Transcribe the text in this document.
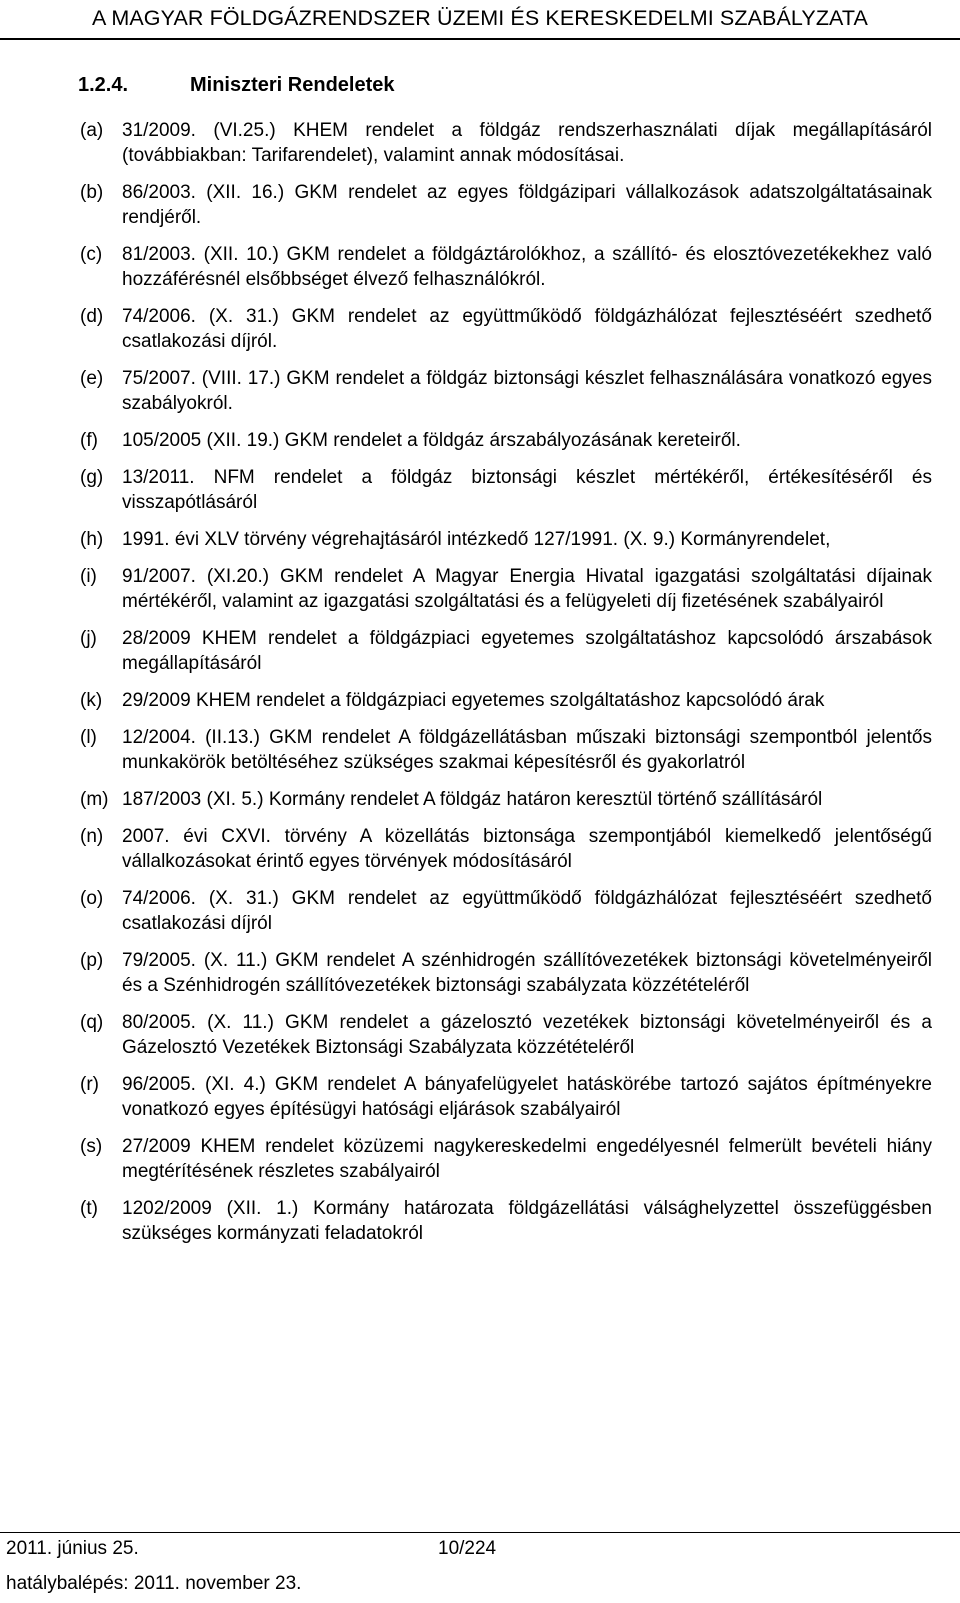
A MAGYAR FÖLDGÁZRENDSZER ÜZEMI ÉS KERESKEDELMI SZABÁLYZATA
1.2.4.	Miniszteri Rendeletek
(a) 31/2009. (VI.25.) KHEM rendelet a földgáz rendszerhasználati díjak megállapításáról (továbbiakban: Tarifarendelet), valamint annak módosításai.
(b) 86/2003. (XII. 16.) GKM rendelet az egyes földgázipari vállalkozások adatszolgáltatásainak rendjéről.
(c) 81/2003. (XII. 10.) GKM rendelet a földgáztárolókhoz, a szállító- és elosztóvezetékekhez való hozzáférésnél elsőbbséget élvező felhasználókról.
(d) 74/2006. (X. 31.) GKM rendelet az együttműködő földgázhálózat fejlesztéséért szedhető csatlakozási díjról.
(e) 75/2007. (VIII. 17.) GKM rendelet a földgáz biztonsági készlet felhasználására vonatkozó egyes szabályokról.
(f) 105/2005 (XII. 19.) GKM rendelet a földgáz árszabályozásának kereteiről.
(g) 13/2011. NFM rendelet a földgáz biztonsági készlet mértékéről, értékesítéséről és visszapótlásáról
(h) 1991. évi XLV törvény végrehajtásáról intézkedő 127/1991. (X. 9.) Kormányrendelet,
(i) 91/2007. (XI.20.) GKM rendelet A Magyar Energia Hivatal igazgatási szolgáltatási díjainak mértékéről, valamint az igazgatási szolgáltatási és a felügyeleti díj fizetésének szabályairól
(j) 28/2009 KHEM rendelet a földgázpiaci egyetemes szolgáltatáshoz kapcsolódó árszabások megállapításáról
(k) 29/2009 KHEM rendelet a földgázpiaci egyetemes szolgáltatáshoz kapcsolódó árak
(l) 12/2004. (II.13.) GKM rendelet A földgázellátásban műszaki biztonsági szempontból jelentős munkakörök betöltéséhez szükséges szakmai képesítésről és gyakorlatról
(m) 187/2003 (XI. 5.) Kormány rendelet A földgáz határon keresztül történő szállításáról
(n) 2007. évi CXVI. törvény A közellátás biztonsága szempontjából kiemelkedő jelentőségű vállalkozásokat érintő egyes törvények módosításáról
(o) 74/2006. (X. 31.) GKM rendelet az együttműködő földgázhálózat fejlesztéséért szedhető csatlakozási díjról
(p) 79/2005. (X. 11.) GKM rendelet A szénhidrogén szállítóvezetékek biztonsági követelményeiről és a Szénhidrogén szállítóvezetékek biztonsági szabályzata közzétételéről
(q) 80/2005. (X. 11.) GKM rendelet a gázelosztó vezetékek biztonsági követelményeiről és a Gázelosztó Vezetékek Biztonsági Szabályzata közzétételéről
(r) 96/2005. (XI. 4.) GKM rendelet A bányafelügyelet hatáskörébe tartozó sajátos építményekre vonatkozó egyes építésügyi hatósági eljárások szabályairól
(s) 27/2009 KHEM rendelet közüzemi nagykereskedelmi engedélyesnél felmerült bevételi hiány megtérítésének részletes szabályairól
(t) 1202/2009 (XII. 1.) Kormány határozata földgázellátási válsághelyzettel összefüggésben szükséges kormányzati feladatokról
2011. június 25.	10/224
hatálybalépés: 2011. november 23.
